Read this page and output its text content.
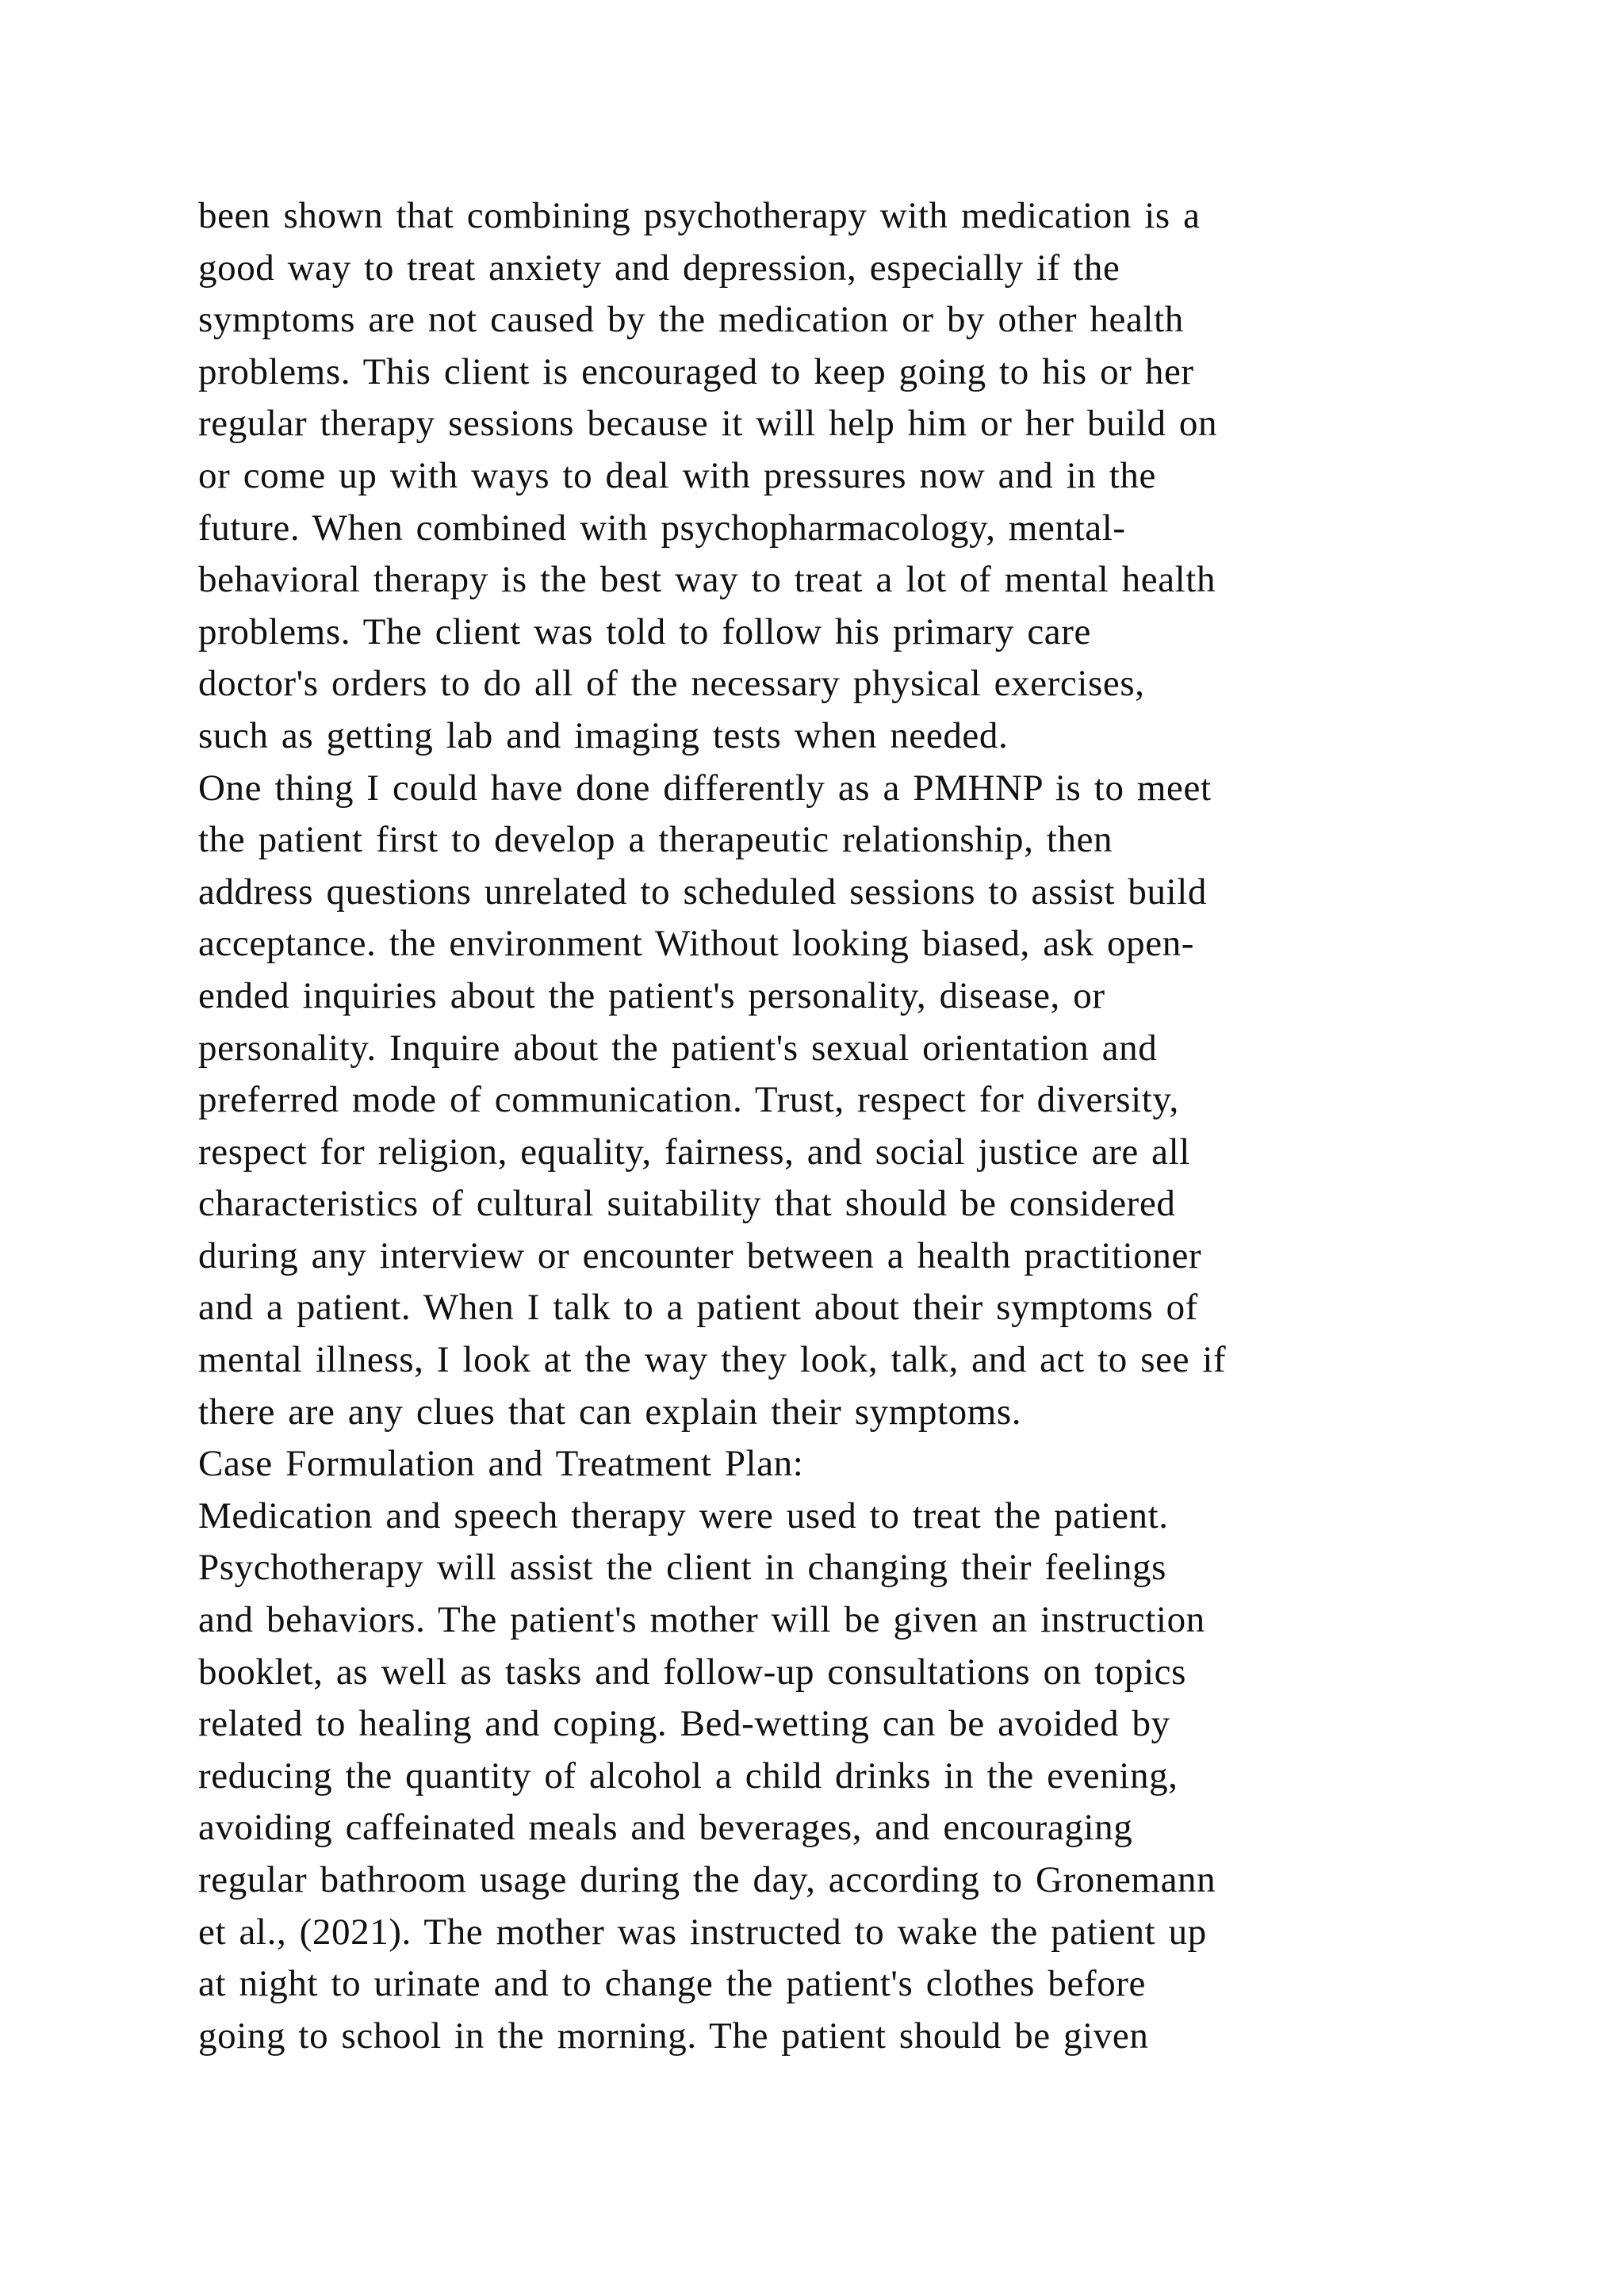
been shown that combining psychotherapy with medication is a
good way to treat anxiety and depression, especially if the
symptoms are not caused by the medication or by other health
problems. This client is encouraged to keep going to his or her
regular therapy sessions because it will help him or her build on
or come up with ways to deal with pressures now and in the
future. When combined with psychopharmacology, mental-
behavioral therapy is the best way to treat a lot of mental health
problems. The client was told to follow his primary care
doctor's orders to do all of the necessary physical exercises,
such as getting lab and imaging tests when needed.
One thing I could have done differently as a PMHNP is to meet
the patient first to develop a therapeutic relationship, then
address questions unrelated to scheduled sessions to assist build
acceptance. the environment Without looking biased, ask open-
ended inquiries about the patient's personality, disease, or
personality. Inquire about the patient's sexual orientation and
preferred mode of communication. Trust, respect for diversity,
respect for religion, equality, fairness, and social justice are all
characteristics of cultural suitability that should be considered
during any interview or encounter between a health practitioner
and a patient. When I talk to a patient about their symptoms of
mental illness, I look at the way they look, talk, and act to see if
there are any clues that can explain their symptoms.
Case Formulation and Treatment Plan:
Medication and speech therapy were used to treat the patient.
Psychotherapy will assist the client in changing their feelings
and behaviors. The patient's mother will be given an instruction
booklet, as well as tasks and follow-up consultations on topics
related to healing and coping. Bed-wetting can be avoided by
reducing the quantity of alcohol a child drinks in the evening,
avoiding caffeinated meals and beverages, and encouraging
regular bathroom usage during the day, according to Gronemann
et al., (2021). The mother was instructed to wake the patient up
at night to urinate and to change the patient's clothes before
going to school in the morning. The patient should be given
